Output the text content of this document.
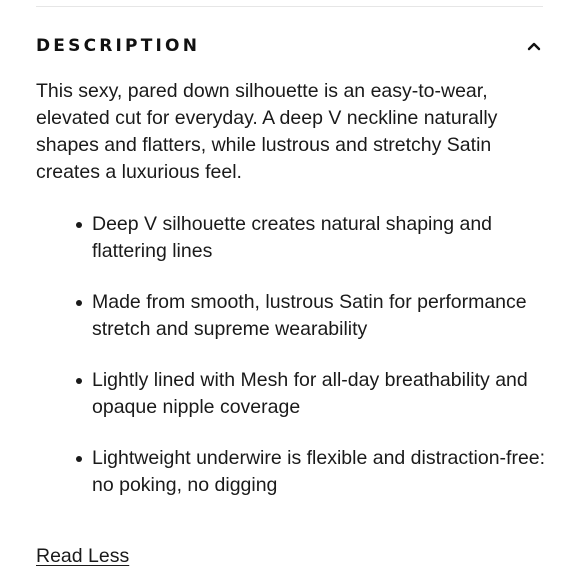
DESCRIPTION

This sexy, pared down silhouette is an easy-to-wear, elevated cut for everyday. A deep V neckline naturally shapes and flatters, while lustrous and stretchy Satin creates a luxurious feel.

Deep V silhouette creates natural shaping and flattering lines
Made from smooth, lustrous Satin for performance stretch and supreme wearability
Lightly lined with Mesh for all-day breathability and opaque nipple coverage
Lightweight underwire is flexible and distraction-free: no poking, no digging
Read Less
